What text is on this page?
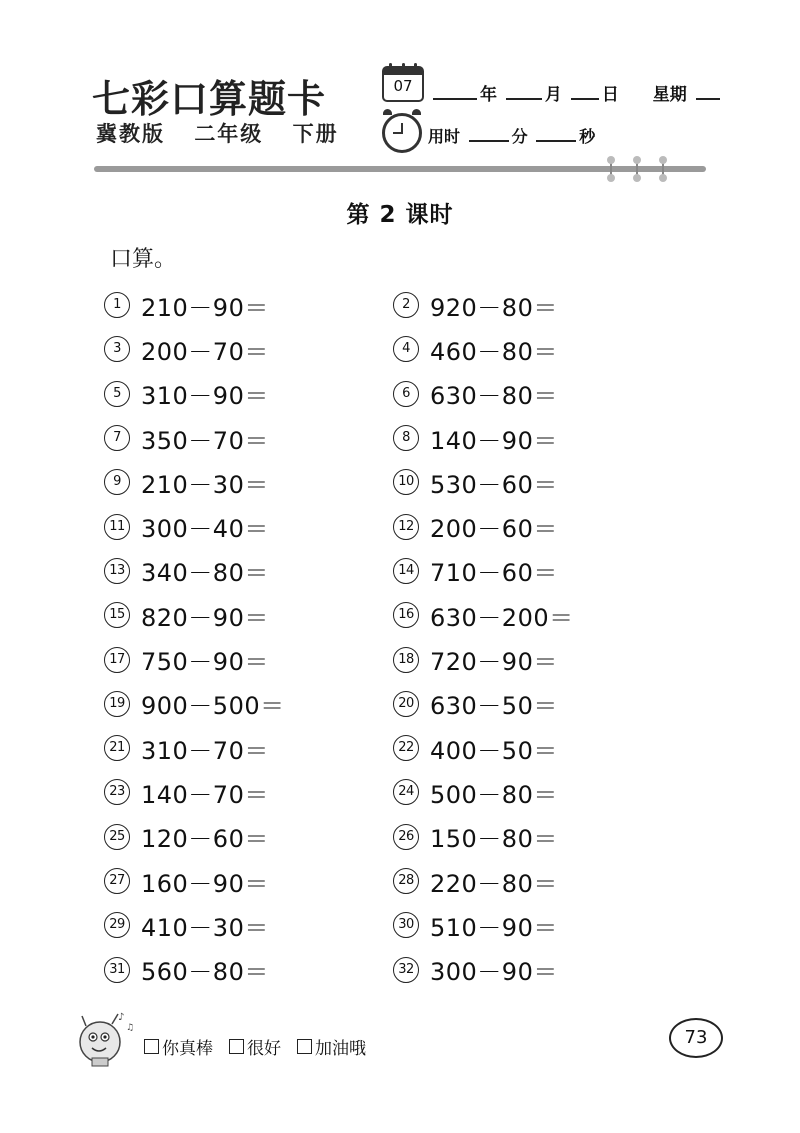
七彩口算题卡
冀教版 二年级 下册
07	年	月 日 星期
用时	分	秒
第 2 课时
口算。
1 210－90＝	2 920－80＝
3 200－70＝	4 460－80＝
5 310－90＝	6 630－80＝
7 350－70＝	8 140－90＝
9 210－30＝	10 530－60＝
11 300－40＝	12 200－60＝
13 340－80＝	14 710－60＝
15 820－90＝	16 630－200＝
17 750－90＝	18 720－90＝
19 900－500＝	20 630－50＝
21 310－70＝	22 400－50＝
23 140－70＝	24 500－80＝
25 120－60＝	26 150－80＝
27 160－90＝	28 220－80＝
29 410－30＝	30 510－90＝
31 560－80＝	32 300－90＝
♪
♫
你真棒 很好 加油哦
73
